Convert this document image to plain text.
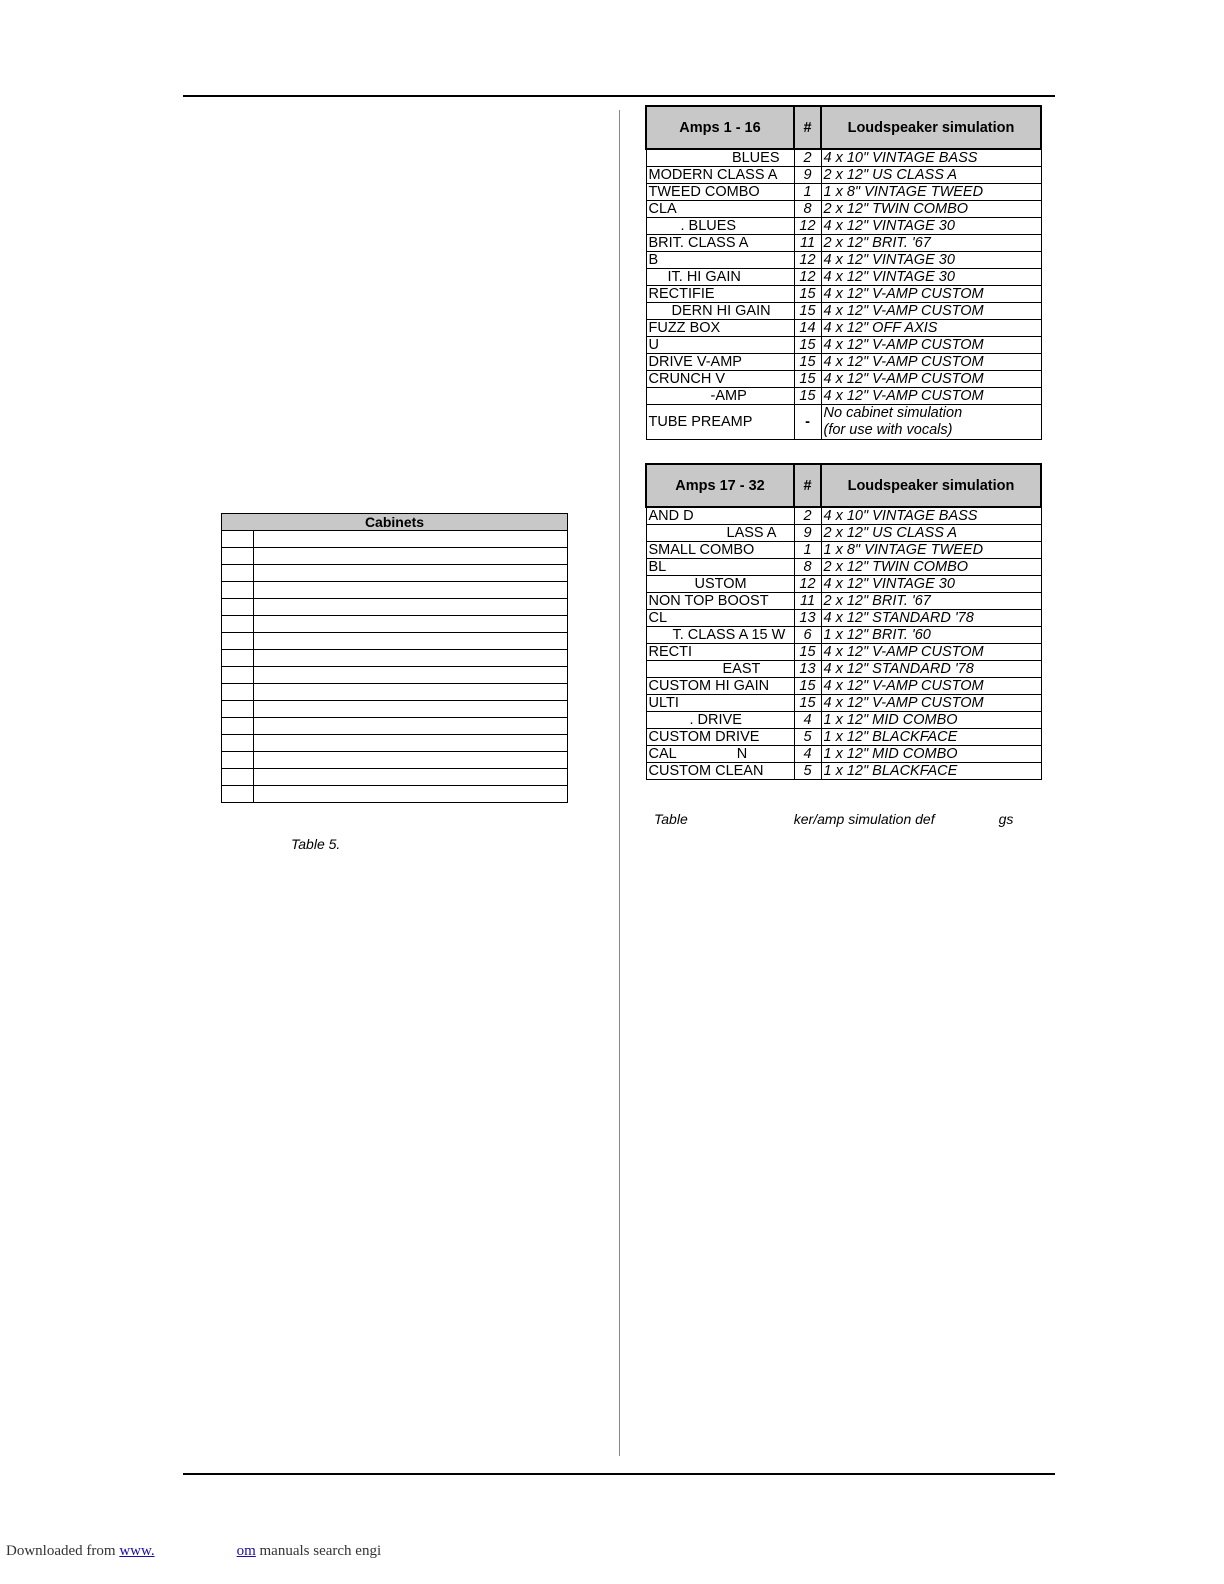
Cabinets	

Table 5.
Amps 1 - 16	#	Loudspeaker simulation
BLUES	2	4 x 10" VINTAGE BASS
MODERN CLASS A	9	2 x 12" US CLASS A
TWEED COMBO	1	1 x 8" VINTAGE TWEED
CLA	8	2 x 12" TWIN COMBO
. BLUES	12	4 x 12" VINTAGE 30
BRIT. CLASS A	11	2 x 12" BRIT. '67
B	12	4 x 12" VINTAGE 30
IT. HI GAIN	12	4 x 12" VINTAGE 30
RECTIFIE	15	4 x 12" V-AMP CUSTOM
DERN HI GAIN	15	4 x 12" V-AMP CUSTOM
FUZZ BOX	14	4 x 12" OFF AXIS
U	15	4 x 12" V-AMP CUSTOM
DRIVE V-AMP	15	4 x 12" V-AMP CUSTOM
CRUNCH V	15	4 x 12" V-AMP CUSTOM
-AMP	15	4 x 12" V-AMP CUSTOM
TUBE PREAMP	-	No cabinet simulation
(for use with vocals)
Amps 17 - 32	#	Loudspeaker simulation
AND D	2	4 x 10" VINTAGE BASS
LASS A	9	2 x 12" US CLASS A
SMALL COMBO	1	1 x 8" VINTAGE TWEED
BL	8	2 x 12" TWIN COMBO
USTOM	12	4 x 12" VINTAGE 30
NON TOP BOOST	11	2 x 12" BRIT. '67
CL	13	4 x 12" STANDARD '78
T. CLASS A 15 W	6	1 x 12" BRIT. '60
RECTI	15	4 x 12" V-AMP CUSTOM
EAST	13	4 x 12" STANDARD '78
CUSTOM HI GAIN	15	4 x 12" V-AMP CUSTOM
ULTI	15	4 x 12" V-AMP CUSTOM
. DRIVE	4	1 x 12" MID COMBO
CUSTOM DRIVE	5	1 x 12" BLACKFACE
CAL N	4	1 x 12" MID COMBO
CUSTOM CLEAN	5	1 x 12" BLACKFACE
Table	ker/amp simulation def	gs
Downloaded from www.	om manuals search engi
